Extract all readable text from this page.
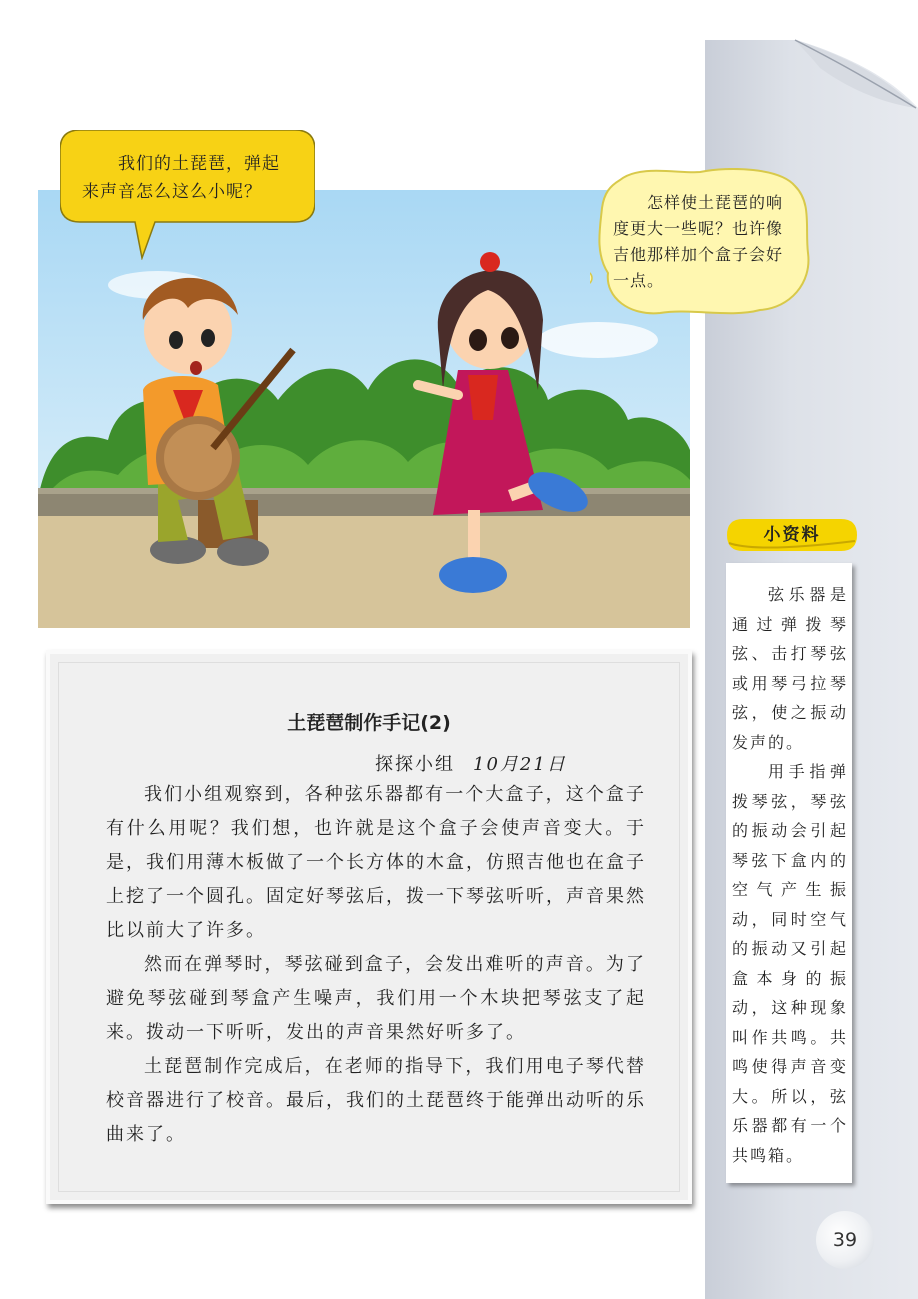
我们的土琵琶，弹起来声音怎么这么小呢？
怎样使土琵琶的响度更大一些呢？也许像吉他那样加个盒子会好一点。
土琵琶制作手记(2)
探探小组 10月21日

我们小组观察到，各种弦乐器都有一个大盒子，这个盒子有什么用呢？我们想，也许就是这个盒子会使声音变大。于是，我们用薄木板做了一个长方体的木盒，仿照吉他也在盒子上挖了一个圆孔。固定好琴弦后，拨一下琴弦听听，声音果然比以前大了许多。

然而在弹琴时，琴弦碰到盒子，会发出难听的声音。为了避免琴弦碰到琴盒产生噪声，我们用一个木块把琴弦支了起来。拨动一下听听，发出的声音果然好听多了。

土琵琶制作完成后，在老师的指导下，我们用电子琴代替校音器进行了校音。最后，我们的土琵琶终于能弹出动听的乐曲来了。

小资料

弦乐器是通过弹拨琴弦、击打琴弦或用琴弓拉琴弦，使之振动发声的。

用手指弹拨琴弦，琴弦的振动会引起琴弦下盒内的空气产生振动，同时空气的振动又引起盒本身的振动，这种现象叫作共鸣。共鸣使得声音变大。所以，弦乐器都有一个共鸣箱。

39
